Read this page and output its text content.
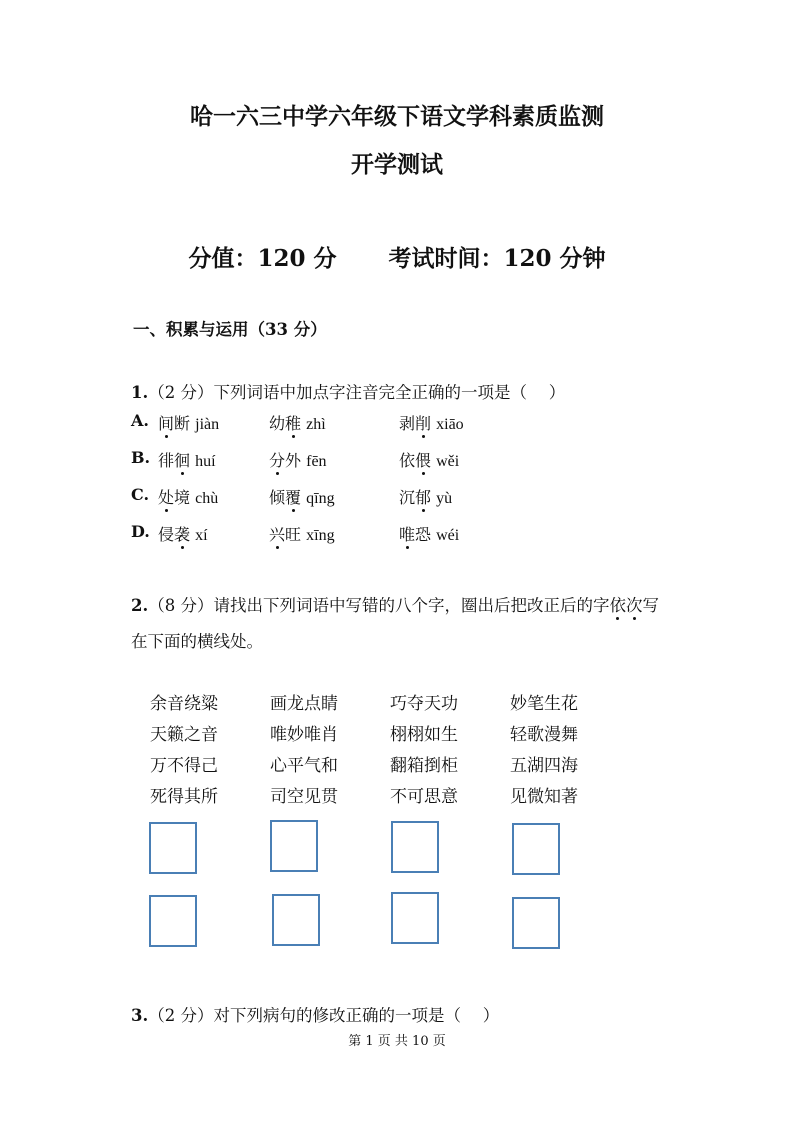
哈一六三中学六年级下语文学科素质监测
开学测试
分值：120 分 考试时间：120 分钟
一、积累与运用（33 分）
1.（2 分）下列词语中加点字注音完全正确的一项是（　 ）
A. 间断 jiàn	幼稚 zhì	剥削 xiāo
B. 徘徊 huí	分外 fēn	依偎 wěi
C. 处境 chù	倾覆 qīng	沉郁 yù
D. 侵袭 xí	兴旺 xīng	唯恐 wéi
2.（8 分）请找出下列词语中写错的八个字，圈出后把改正后的字依次写
在下面的横线处。
余音绕粱	画龙点睛	巧夺天功	妙笔生花
天籁之音	唯妙唯肖	栩栩如生	轻歌漫舞
万不得己	心平气和	翻箱捯柜	五湖四海
死得其所	司空见贯	不可思意	见微知著
3.（2 分）对下列病句的修改正确的一项是（　 ）
第 1 页 共 10 页
